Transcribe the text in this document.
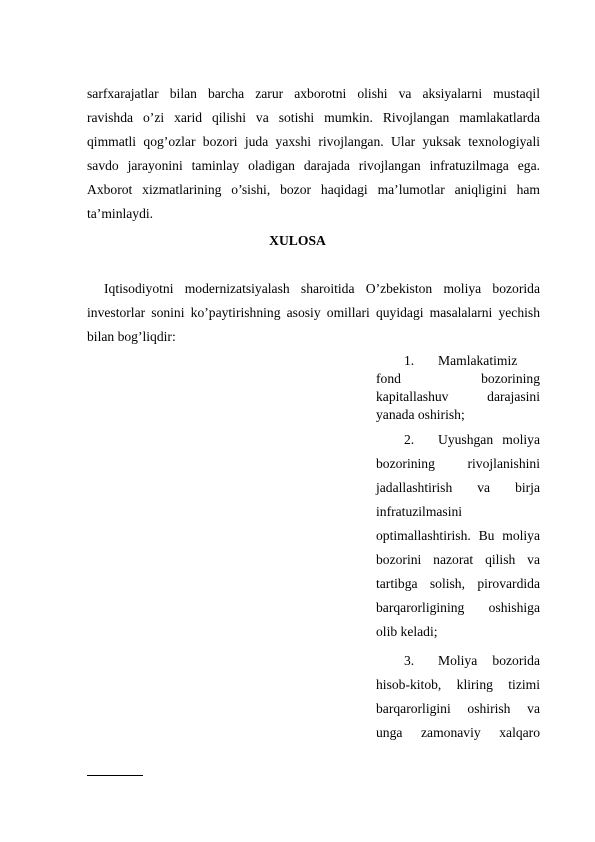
sarfxarajatlar bilan barcha zarur axborotni olishi va aksiyalarni mustaqil
ravishda o’zi xarid qilishi va sotishi mumkin. Rivojlangan mamlakatlarda
qimmatli qog’ozlar bozori juda yaxshi rivojlangan. Ular yuksak texnologiyali
savdo jarayonini taminlay oladigan darajada rivojlangan infratuzilmaga ega.
Axborot xizmatlarining o’sishi, bozor haqidagi ma’lumotlar aniqligini ham
ta’minlaydi.
XULOSA
Iqtisodiyotni modernizatsiyalash sharoitida O’zbekiston moliya bozorida
investorlar sonini ko’paytirishning asosiy omillari quyidagi masalalarni yechish
bilan bog’liqdir:
1. Mamlakatimiz
fond bozorining
kapitallashuv darajasini
yanada oshirish;
2. Uyushgan moliya
bozorining rivojlanishini
jadallashtirish va birja
infratuzilmasini
optimallashtirish. Bu moliya
bozorini nazorat qilish va
tartibga solish, pirovardida
barqarorligining oshishiga
olib keladi;
3. Moliya bozorida
hisob-kitob, kliring tizimi
barqarorligini oshirish va
unga zamonaviy xalqaro
